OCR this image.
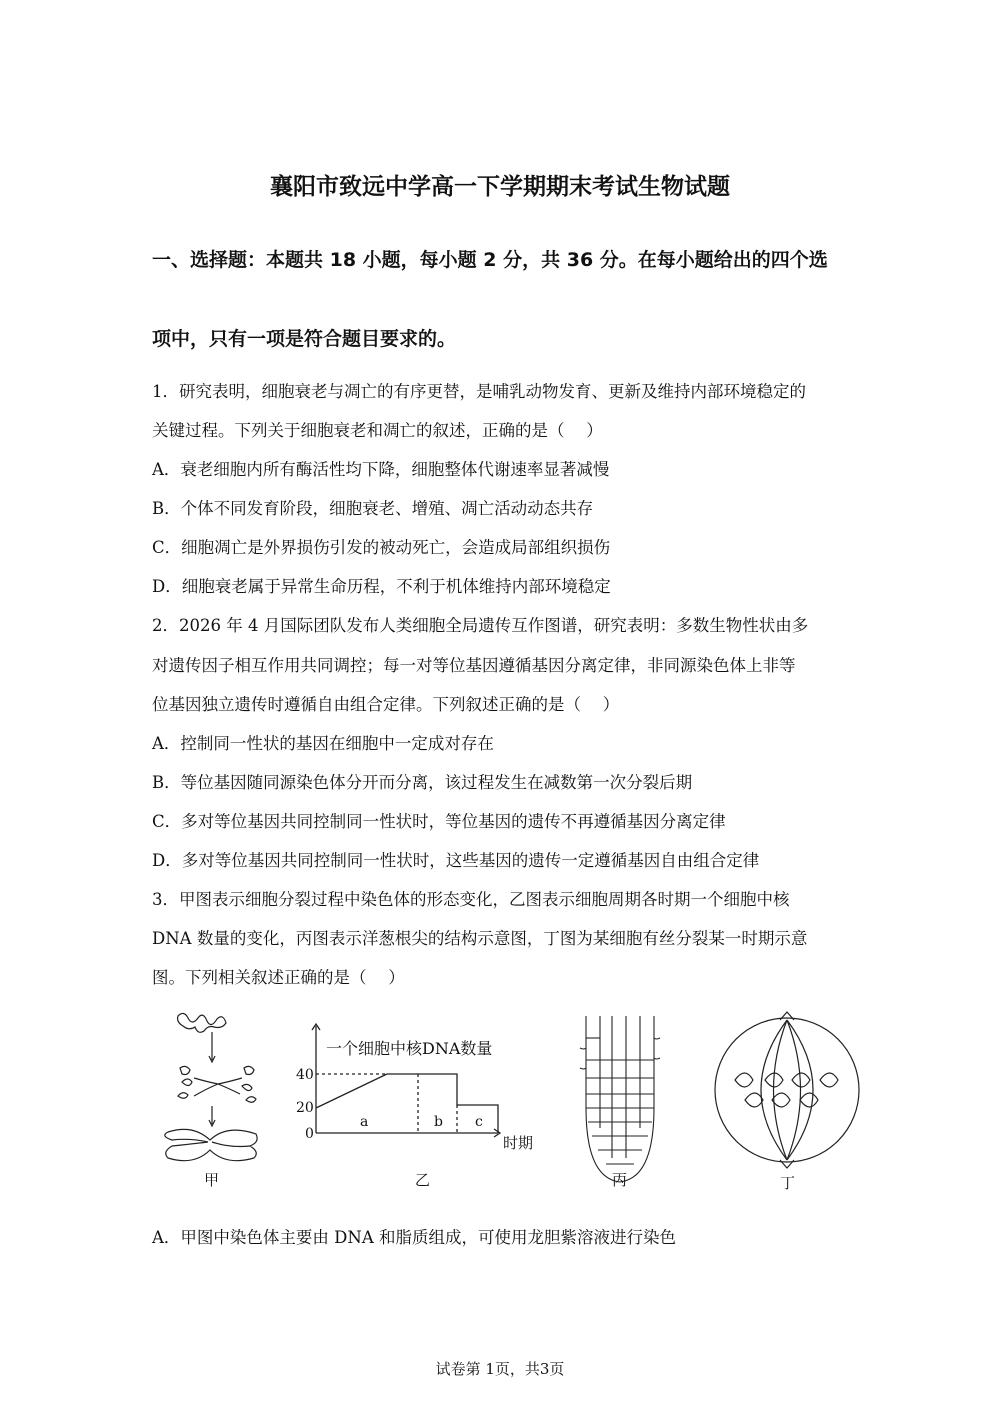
襄阳市致远中学高一下学期期末考试生物试题
一、选择题：本题共 18 小题，每小题 2 分，共 36 分。在每小题给出的四个选
项中，只有一项是符合题目要求的。
1．研究表明，细胞衰老与凋亡的有序更替，是哺乳动物发育、更新及维持内部环境稳定的
关键过程。下列关于细胞衰老和凋亡的叙述，正确的是（　 ）
A．衰老细胞内所有酶活性均下降，细胞整体代谢速率显著减慢
B．个体不同发育阶段，细胞衰老、增殖、凋亡活动动态共存
C．细胞凋亡是外界损伤引发的被动死亡，会造成局部组织损伤
D．细胞衰老属于异常生命历程，不利于机体维持内部环境稳定
2．2026 年 4 月国际团队发布人类细胞全局遗传互作图谱，研究表明：多数生物性状由多
对遗传因子相互作用共同调控；每一对等位基因遵循基因分离定律，非同源染色体上非等
位基因独立遗传时遵循自由组合定律。下列叙述正确的是（　 ）
A．控制同一性状的基因在细胞中一定成对存在
B．等位基因随同源染色体分开而分离，该过程发生在减数第一次分裂后期
C．多对等位基因共同控制同一性状时，等位基因的遗传不再遵循基因分离定律
D．多对等位基因共同控制同一性状时，这些基因的遗传一定遵循基因自由组合定律
3．甲图表示细胞分裂过程中染色体的形态变化，乙图表示细胞周期各时期一个细胞中核
DNA 数量的变化，丙图表示洋葱根尖的结构示意图，丁图为某细胞有丝分裂某一时期示意
图。下列相关叙述正确的是（　 ）
甲
一个细胞中核DNA数量
40
20
0
a	b c
时期
乙	丙	丁
A．甲图中染色体主要由 DNA 和脂质组成，可使用龙胆紫溶液进行染色
试卷第 1页，共3页
